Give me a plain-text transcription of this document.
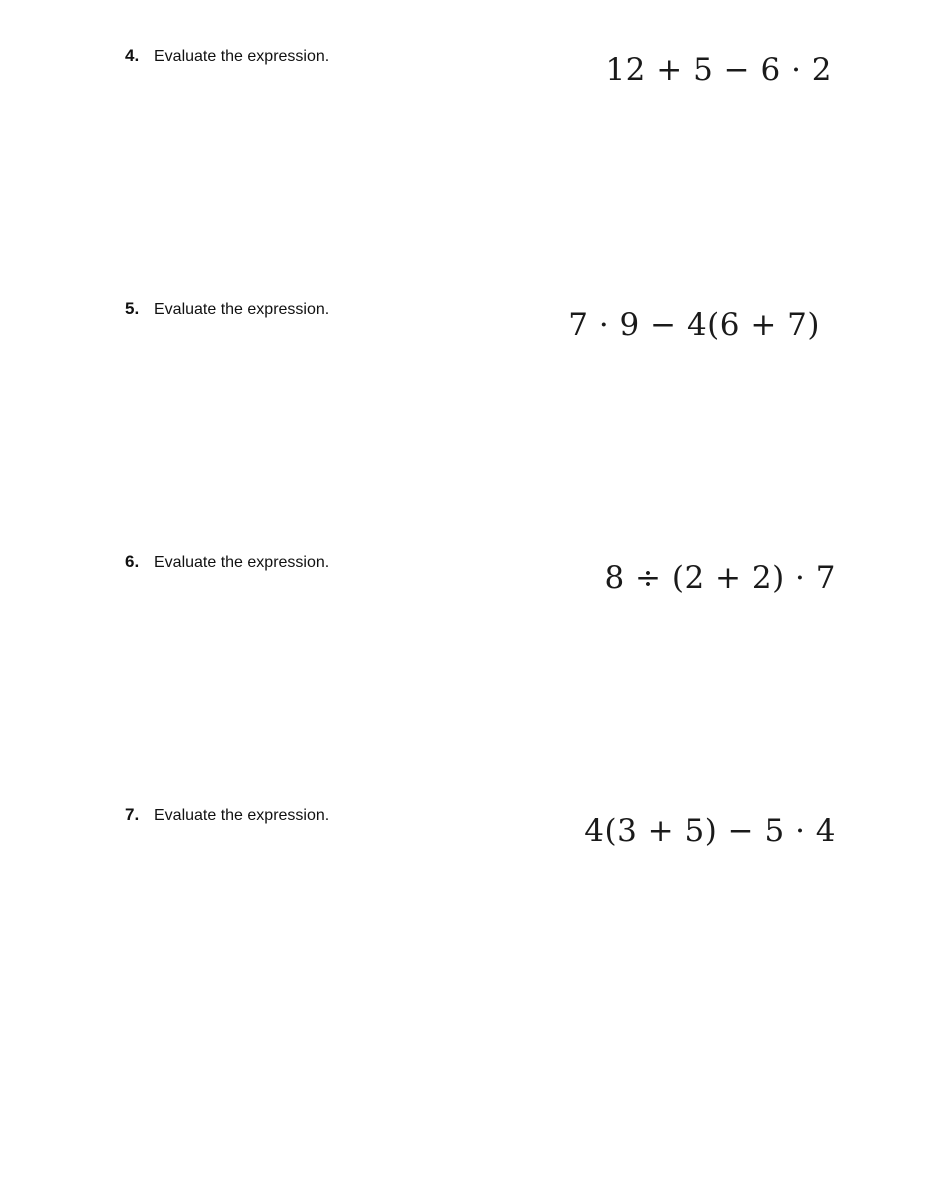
4. Evaluate the expression.	12 + 5 − 6 · 2
5. Evaluate the expression.	7 · 9 − 4(6 + 7)
6. Evaluate the expression.	8 ÷ (2 + 2) · 7
7. Evaluate the expression.	4(3 + 5) − 5 · 4
